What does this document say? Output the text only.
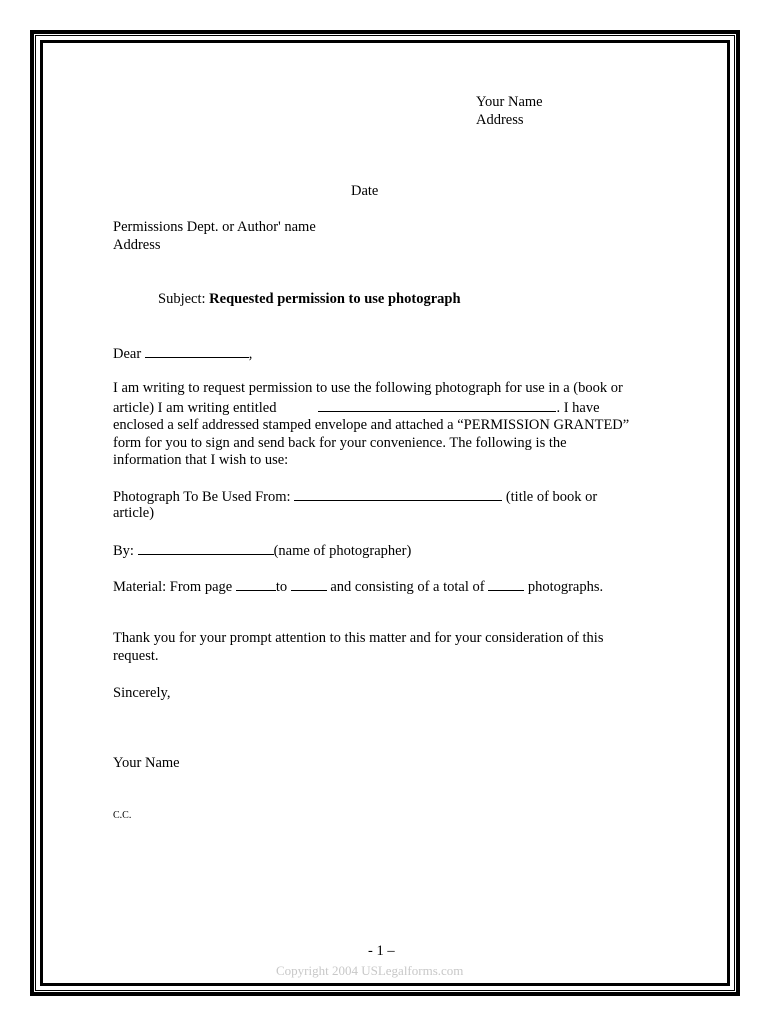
Your Name
Address
Date
Permissions Dept. or Author' name
Address
Subject: Requested permission to use photograph
Dear	,
I am writing to request permission to use the following photograph for use in a (book or
article) I am writing entitled	. I have
enclosed a self addressed stamped envelope and attached a “PERMISSION GRANTED”
form for you to sign and send back for your convenience. The following is the
information that I wish to use:
Photograph To Be Used From:	(title of book or
article)
By:	(name of photographer)
Material: From page	to	and consisting of a total of	photographs.
Thank you for your prompt attention to this matter and for your consideration of this
request.
Sincerely,
Your Name
C.C.
- 1 –
Copyright 2004 USLegalforms.com
